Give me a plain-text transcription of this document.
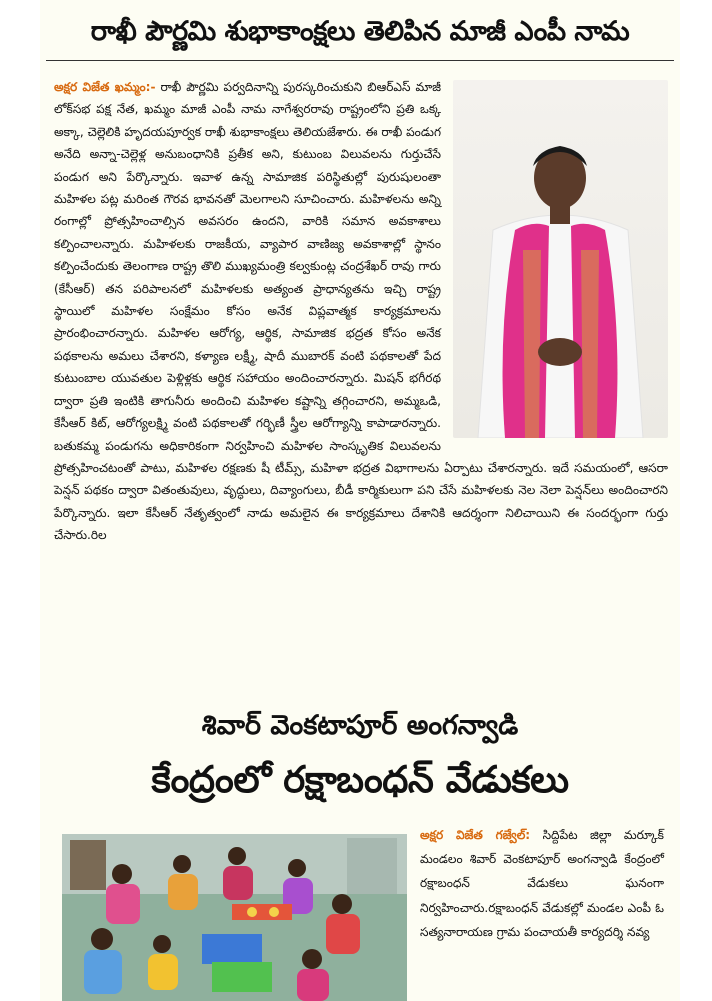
రాఖీ పౌర్ణమి శుభాకాంక్షలు తెలిపిన మాజీ ఎంపీ నామ
అక్షర విజేత ఖమ్మం:- రాఖీ పౌర్ణమి పర్వదినాన్ని పురస్కరించుకుని బిఆర్ఎస్ మాజీ లోక్‌సభ పక్ష నేత, ఖమ్మం మాజీ ఎంపీ నామ నాగేశ్వరరావు రాష్ట్రంలోని ప్రతి ఒక్క అక్కా, చెల్లెలికి హృదయపూర్వక రాఖీ శుభాకాంక్షలు తెలియజేశారు. ఈ రాఖీ పండుగ అనేది అన్నా-చెల్లెళ్ల అనుబంధానికి ప్రతీక అని, కుటుంబ విలువలను గుర్తుచేసే పండుగ అని పేర్కొన్నారు. ఇవాళ ఉన్న సామాజిక పరిస్థితుల్లో పురుషులంతా మహిళల పట్ల మరింత గౌరవ భావనతో మెలగాలని సూచించారు. మహిళలను అన్ని రంగాల్లో ప్రోత్సహించాల్సిన అవసరం ఉందని, వారికి సమాన అవకాశాలు కల్పించాలన్నారు. మహిళలకు రాజకీయ, వ్యాపార వాణిజ్య అవకాశాల్లో స్థానం కల్పించేందుకు తెలంగాణ రాష్ట్ర తొలి ముఖ్యమంత్రి కల్వకుంట్ల చంద్రశేఖర్ రావు గారు (కేసీఆర్) తన పరిపాలనలో మహిళలకు అత్యంత ప్రాధాన్యతను ఇచ్చి రాష్ట్ర స్థాయిలో మహిళల సంక్షేమం కోసం అనేక విప్లవాత్మక కార్యక్రమాలను ప్రారంభించారన్నారు. మహిళల ఆరోగ్య, ఆర్థిక, సామాజిక భద్రత కోసం అనేక పథకాలను అమలు చేశారని, కళ్యాణ లక్ష్మీ, షాదీ ముబారక్ వంటి పథకాలతో పేద కుటుంబాల యువతుల పెళ్లిళ్లకు ఆర్థిక సహాయం అందించారన్నారు. మిషన్ భగీరథ ద్వారా ప్రతి ఇంటికి తాగునీరు అందించి మహిళల కష్టాన్ని తగ్గించారని, అమ్మఒడి, కేసీఆర్ కిట్, ఆరోగ్యలక్ష్మి వంటి పథకాలతో గర్భిణీ స్త్రీల ఆరోగ్యాన్ని కాపాడారన్నారు. బతుకమ్మ పండుగను అధికారికంగా నిర్వహించి మహిళల సాంస్కృతిక విలువలను ప్రోత్సహించటంతో పాటు, మహిళల రక్షణకు షీ టీమ్స్, మహిళా భద్రత విభాగాలను ఏర్పాటు చేశారన్నారు. ఇదే సమయంలో, ఆసరా పెన్షన్ పథకం ద్వారా వితంతువులు, వృద్ధులు, దివ్యాంగులు, బీడీ కార్మికులుగా పని చేసే మహిళలకు నెల నెలా పెన్షన్‌లు అందించారని పేర్కొన్నారు. ఇలా కేసీఆర్ నేతృత్వంలో నాడు అమలైన ఈ కార్యక్రమాలు దేశానికి ఆదర్శంగా నిలిచాయిని ఈ సందర్భంగా గుర్తు చేసారు.రిల
శివార్ వెంకటాపూర్ అంగన్వాడి
కేంద్రంలో రక్షాబంధన్ వేడుకలు
అక్షర విజేత గజ్వేల్: సిద్దిపేట జిల్లా మర్కూక్ మండలం శివార్ వెంకటాపూర్ అంగన్వాడి కేంద్రంలో రక్షాబంధన్ వేడుకలు ఘనంగా నిర్వహించారు.రక్షాబంధన్ వేడుకల్లో మండల ఎంపీ ఓ సత్యనారాయణ గ్రామ పంచాయతీ కార్యదర్శి నవ్య
